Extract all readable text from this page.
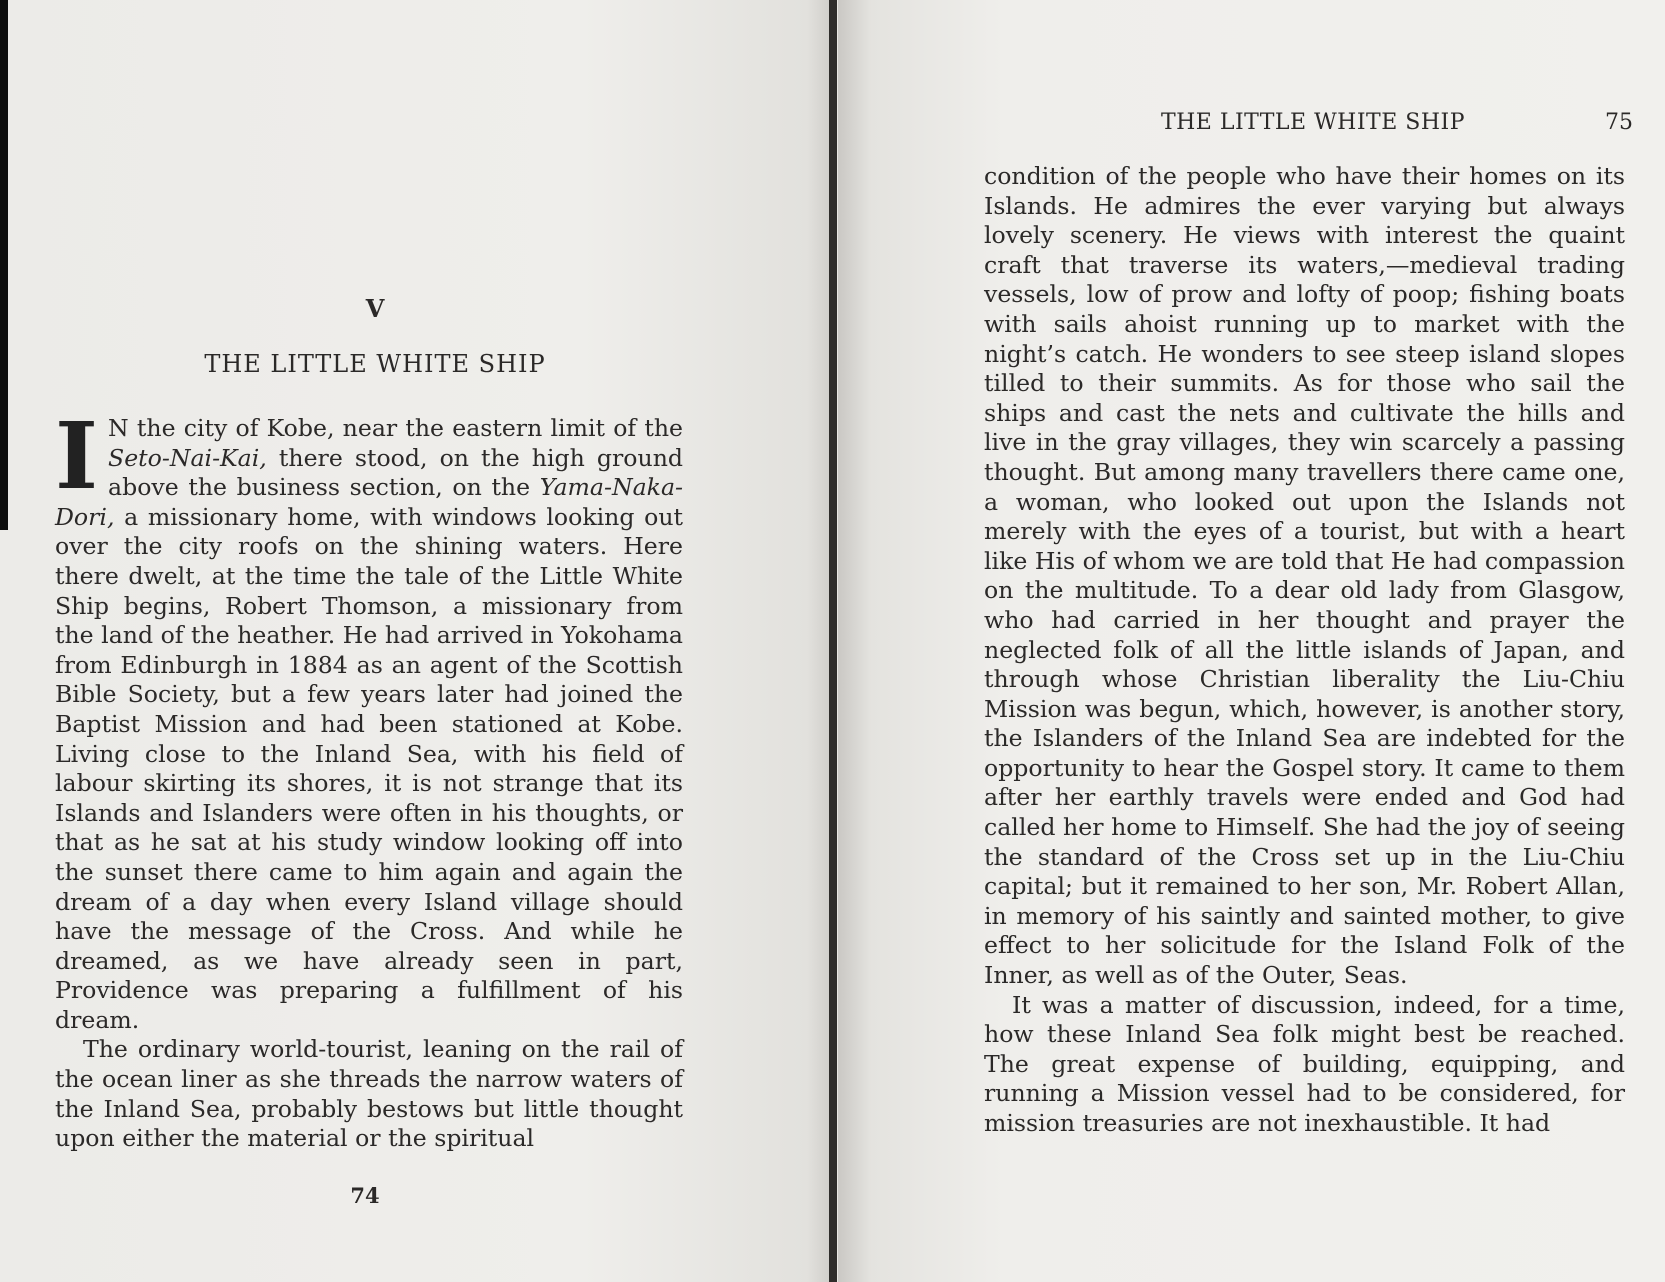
V
THE LITTLE WHITE SHIP

I N the city of Kobe, near the eastern limit of the Seto-Nai-Kai, there stood, on the high ground above the business section, on the Yama-Naka-Dori, a missionary home, with windows looking out over the city roofs on the shining waters. Here there dwelt, at the time the tale of the Little White Ship begins, Robert Thomson, a missionary from the land of the heather. He had arrived in Yokohama from Edinburgh in 1884 as an agent of the Scottish Bible Society, but a few years later had joined the Baptist Mission and had been stationed at Kobe. Living close to the Inland Sea, with his field of labour skirting its shores, it is not strange that its Islands and Islanders were often in his thoughts, or that as he sat at his study window looking off into the sunset there came to him again and again the dream of a day when every Island village should have the message of the Cross. And while he dreamed, as we have already seen in part, Providence was preparing a fulfillment of his dream.

The ordinary world-tourist, leaning on the rail of the ocean liner as she threads the narrow waters of the Inland Sea, probably bestows but little thought upon either the material or the spiritual

74
THE LITTLE WHITE SHIP	75

condition of the people who have their homes on its Islands. He admires the ever varying but always lovely scenery. He views with interest the quaint craft that traverse its waters,—medieval trading vessels, low of prow and lofty of poop; fishing boats with sails ahoist running up to market with the night’s catch. He wonders to see steep island slopes tilled to their summits. As for those who sail the ships and cast the nets and cultivate the hills and live in the gray villages, they win scarcely a passing thought. But among many travellers there came one, a woman, who looked out upon the Islands not merely with the eyes of a tourist, but with a heart like His of whom we are told that He had compassion on the multitude. To a dear old lady from Glasgow, who had carried in her thought and prayer the neglected folk of all the little islands of Japan, and through whose Christian liberality the Liu-Chiu Mission was begun, which, however, is another story, the Islanders of the Inland Sea are indebted for the opportunity to hear the Gospel story. It came to them after her earthly travels were ended and God had called her home to Himself. She had the joy of seeing the standard of the Cross set up in the Liu-Chiu capital; but it remained to her son, Mr. Robert Allan, in memory of his saintly and sainted mother, to give effect to her solicitude for the Island Folk of the Inner, as well as of the Outer, Seas.

It was a matter of discussion, indeed, for a time, how these Inland Sea folk might best be reached. The great expense of building, equipping, and running a Mission vessel had to be considered, for mission treasuries are not inexhaustible. It had
